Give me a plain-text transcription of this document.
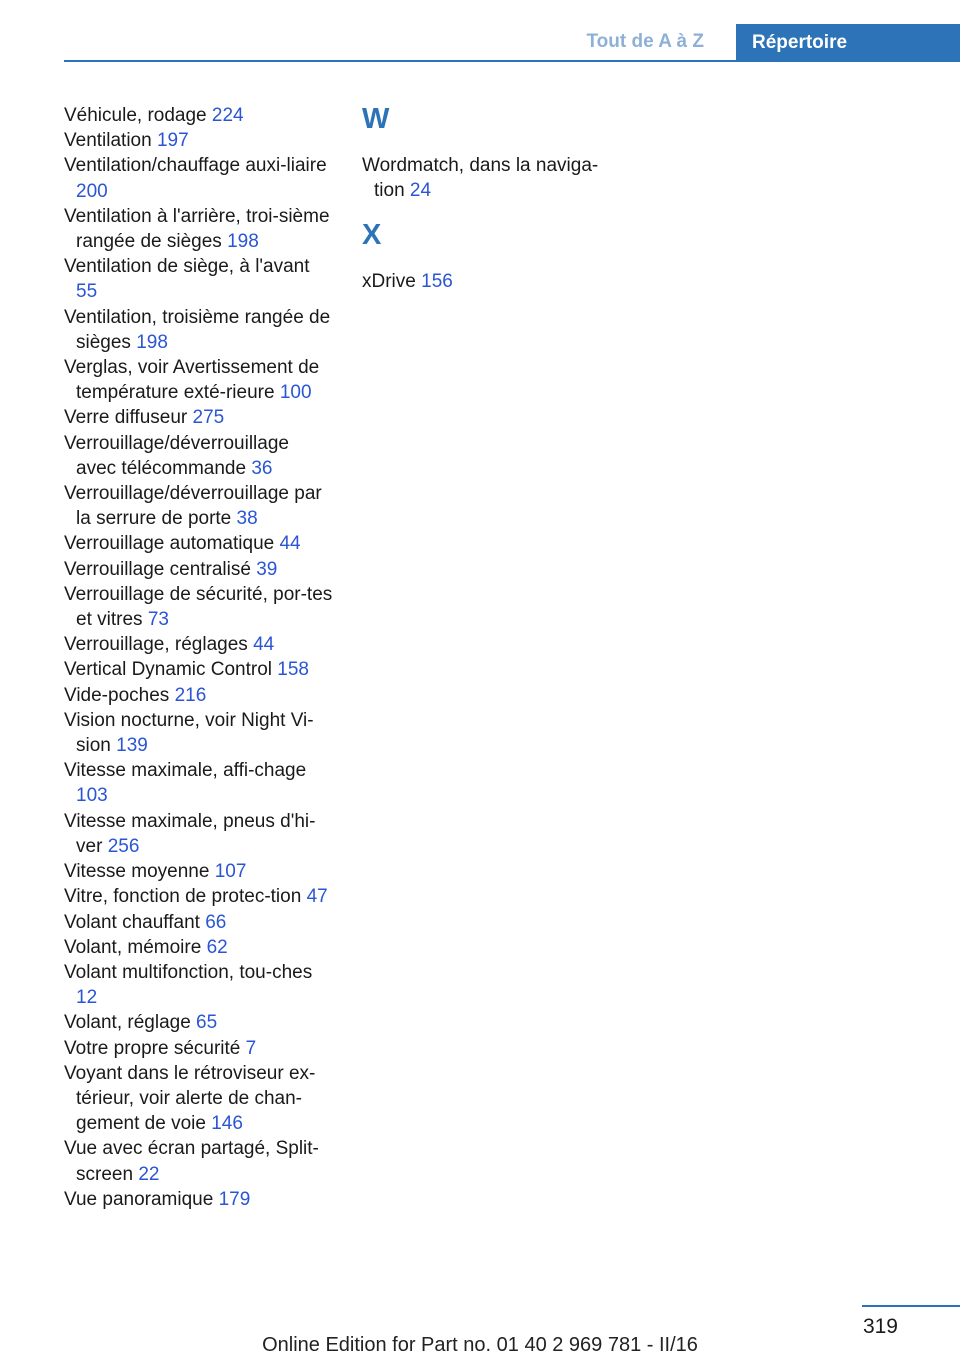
Tout de A à Z	Répertoire
Véhicule, rodage 224
Ventilation 197
Ventilation/chauffage auxi-liaire 200
Ventilation à l'arrière, troi-sième rangée de sièges 198
Ventilation de siège, à l'avant 55
Ventilation, troisième rangée de sièges 198
Verglas, voir Avertissement de température exté-rieure 100
Verre diffuseur 275
Verrouillage/déverrouillage avec télécommande 36
Verrouillage/déverrouillage par la serrure de porte 38
Verrouillage automatique 44
Verrouillage centralisé 39
Verrouillage de sécurité, por-tes et vitres 73
Verrouillage, réglages 44
Vertical Dynamic Control 158
Vide-poches 216
Vision nocturne, voir Night Vi-sion 139
Vitesse maximale, affi-chage 103
Vitesse maximale, pneus d'hi-ver 256
Vitesse moyenne 107
Vitre, fonction de protec-tion 47
Volant chauffant 66
Volant, mémoire 62
Volant multifonction, tou-ches 12
Volant, réglage 65
Votre propre sécurité 7
Voyant dans le rétroviseur ex-térieur, voir alerte de chan-gement de voie 146
Vue avec écran partagé, Split-screen 22
Vue panoramique 179
W
Wordmatch, dans la naviga-tion 24
X
xDrive 156
319
Online Edition for Part no. 01 40 2 969 781 - II/16
